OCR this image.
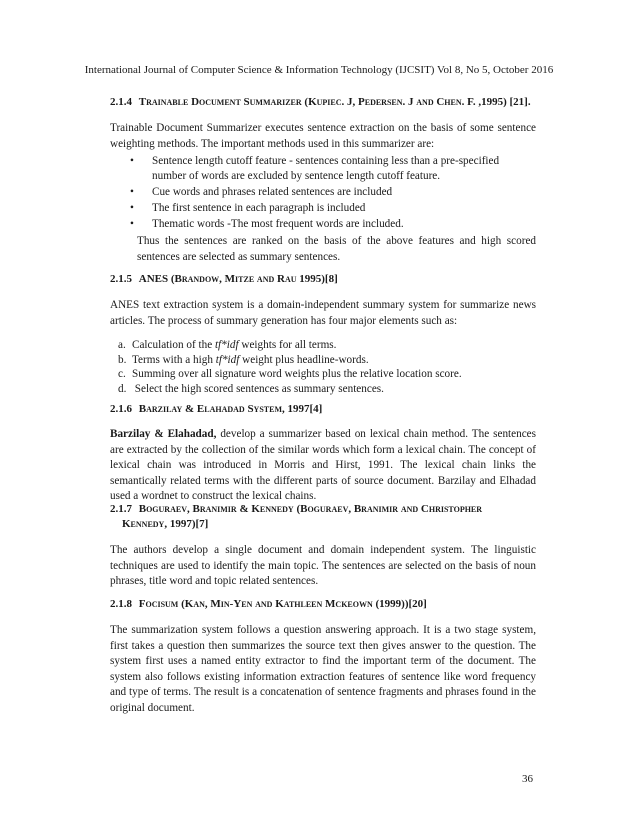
International Journal of Computer Science & Information Technology (IJCSIT) Vol 8, No 5, October 2016
2.1.4 Trainable Document Summarizer (Kupiec. J, Pedersen. J and Chen. F. ,1995) [21].
Trainable Document Summarizer executes sentence extraction on the basis of some sentence weighting methods. The important methods used in this summarizer are:
• Sentence length cutoff feature - sentences containing less than a pre-specified number of words are excluded by sentence length cutoff feature.
• Cue words and phrases related sentences are included
• The first sentence in each paragraph is included
• Thematic words -The most frequent words are included.
Thus the sentences are ranked on the basis of the above features and high scored sentences are selected as summary sentences.
2.1.5 ANES (Brandow, Mitze and Rau 1995)[8]
ANES text extraction system is a domain-independent summary system for summarize news articles. The process of summary generation has four major elements such as:
a. Calculation of the tf*idf weights for all terms.
b. Terms with a high tf*idf weight plus headline-words.
c. Summing over all signature word weights plus the relative location score.
d. Select the high scored sentences as summary sentences.
2.1.6 Barzilay & Elahadad System, 1997[4]
Barzilay & Elahadad, develop a summarizer based on lexical chain method. The sentences are extracted by the collection of the similar words which form a lexical chain. The concept of lexical chain was introduced in Morris and Hirst, 1991. The lexical chain links the semantically related terms with the different parts of source document. Barzilay and Elhadad used a wordnet to construct the lexical chains.
2.1.7 Boguraev, Branimir & Kennedy (Boguraev, Branimir and Christopher
Kennedy, 1997)[7]
The authors develop a single document and domain independent system. The linguistic techniques are used to identify the main topic. The sentences are selected on the basis of noun phrases, title word and topic related sentences.
2.1.8 Focisum (Kan, Min-Yen and Kathleen Mckeown (1999))[20]
The summarization system follows a question answering approach. It is a two stage system, first takes a question then summarizes the source text then gives answer to the question. The system first uses a named entity extractor to find the important term of the document. The system also follows existing information extraction features of sentence like word frequency and type of terms. The result is a concatenation of sentence fragments and phrases found in the original document.
36
